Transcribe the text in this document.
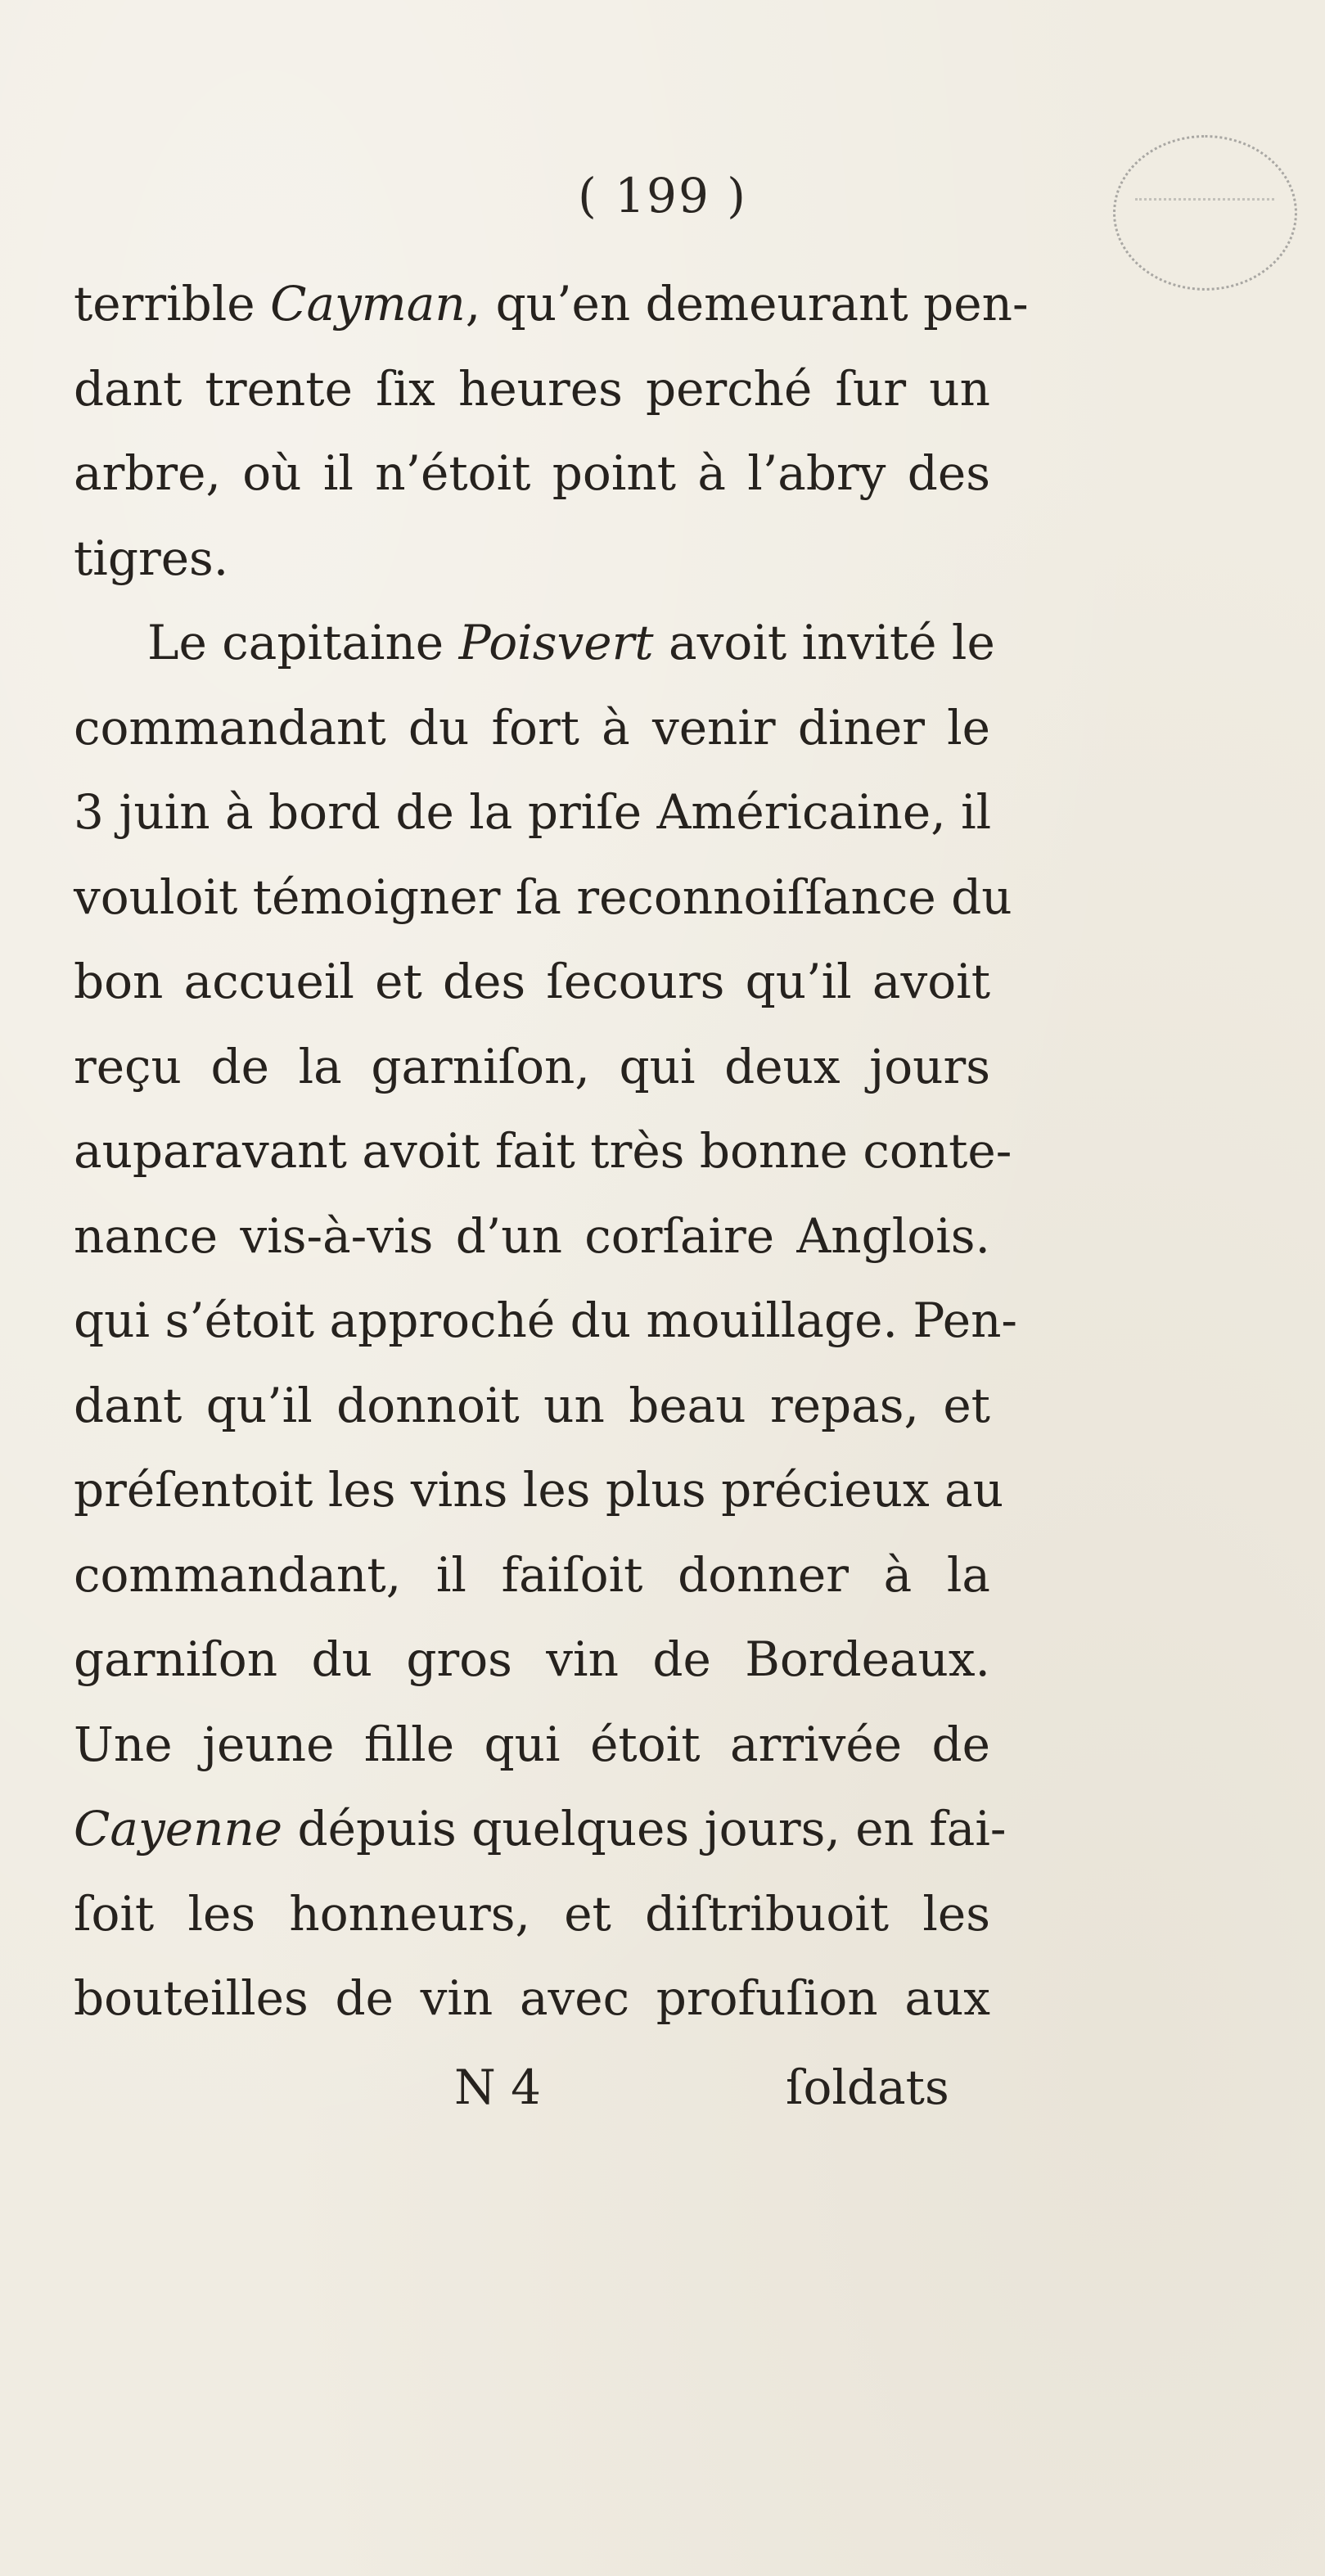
( 199 )
terrible Cayman, qu’en demeurant pen-
dant trente ſix heures perché ſur un
arbre, où il n’étoit point à l’abry des
tigres.
Le capitaine Poisvert avoit invité le
commandant du fort à venir diner le
3 juin à bord de la priſe Américaine, il
vouloit témoigner ſa reconnoiſſance du
bon accueil et des ſecours qu’il avoit
reçu de la garniſon, qui deux jours
auparavant avoit fait très bonne conte-
nance vis-à-vis d’un corſaire Anglois.
qui s’étoit approché du mouillage. Pen-
dant qu’il donnoit un beau repas, et
préſentoit les vins les plus précieux au
commandant, il faiſoit donner à la
garniſon du gros vin de Bordeaux.
Une jeune fille qui étoit arrivée de
Cayenne dépuis quelques jours, en fai-
ſoit les honneurs, et diſtribuoit les
bouteilles de vin avec profuſion aux
N 4	ſoldats
